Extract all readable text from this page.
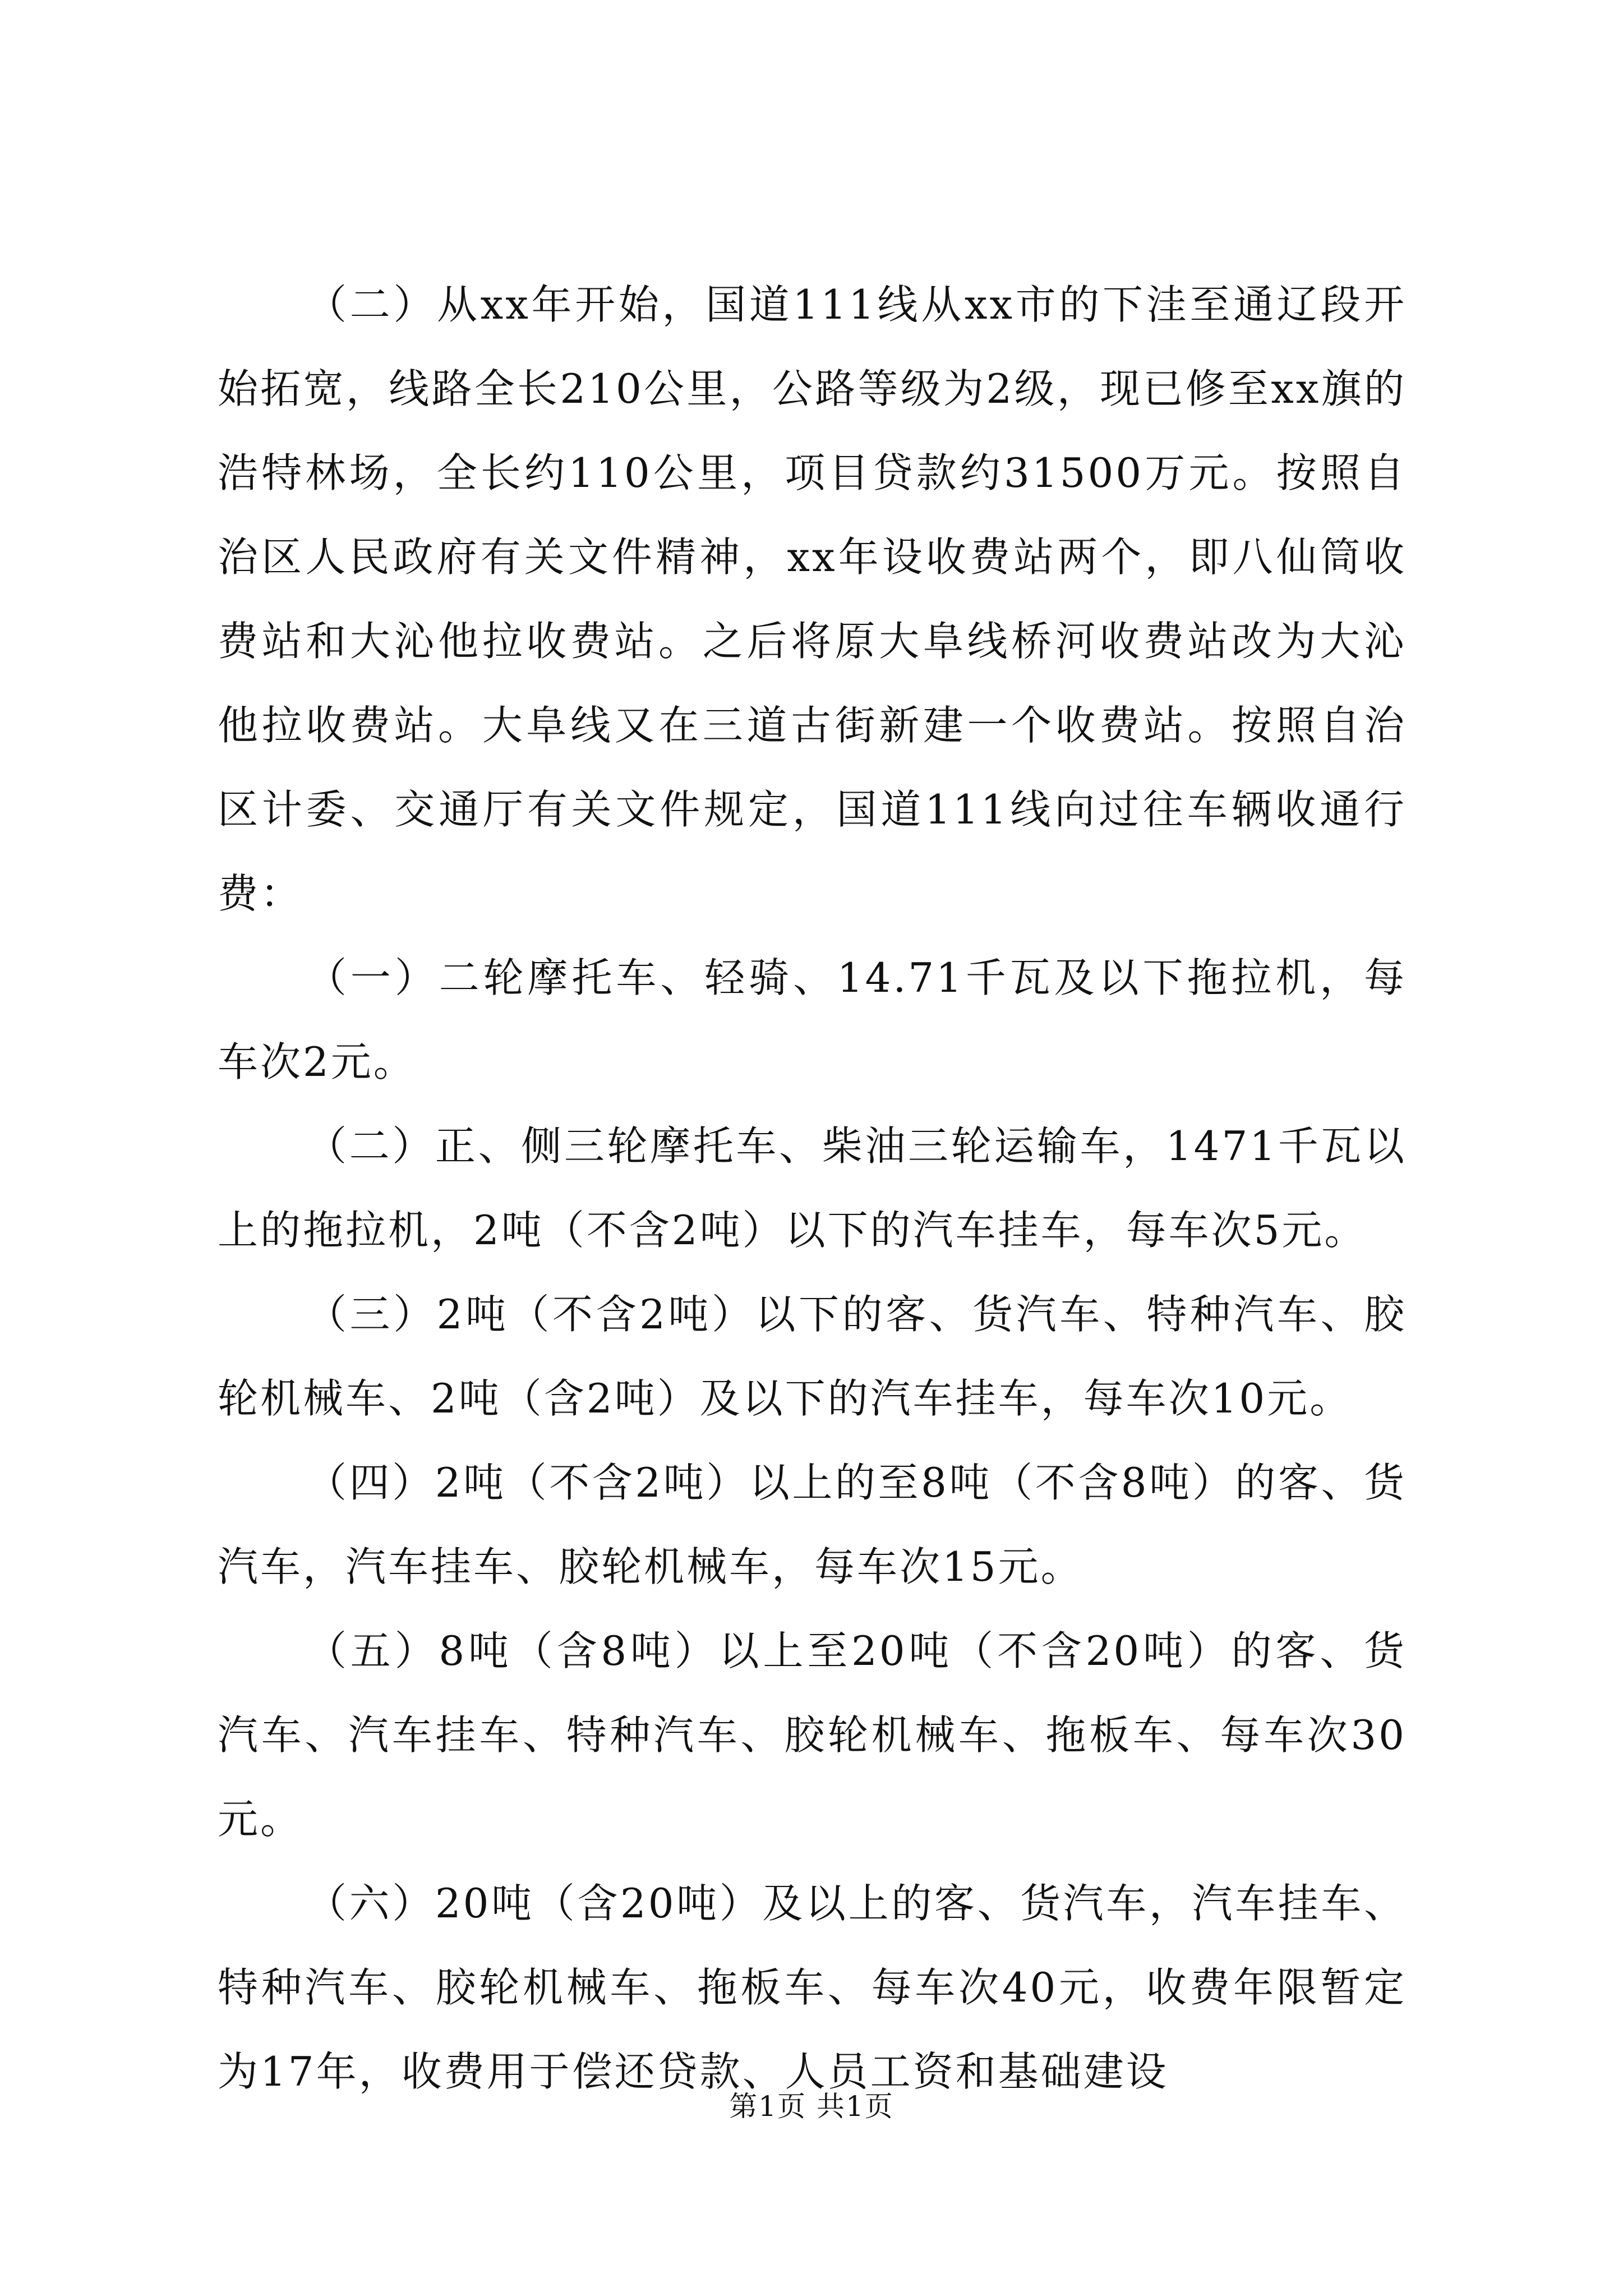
（二）从xx年开始，国道111线从xx市的下洼至通辽段开始拓宽，线路全长210公里，公路等级为2级，现已修至xx旗的浩特林场，全长约110公里，项目贷款约31500万元。按照自治区人民政府有关文件精神，xx年设收费站两个，即八仙筒收费站和大沁他拉收费站。之后将原大阜线桥河收费站改为大沁他拉收费站。大阜线又在三道古街新建一个收费站。按照自治区计委、交通厅有关文件规定，国道111线向过往车辆收通行费：

（一）二轮摩托车、轻骑、14.71千瓦及以下拖拉机，每车次2元。

（二）正、侧三轮摩托车、柴油三轮运输车，1471千瓦以上的拖拉机，2吨（不含2吨）以下的汽车挂车，每车次5元。

（三）2吨（不含2吨）以下的客、货汽车、特种汽车、胶轮机械车、2吨（含2吨）及以下的汽车挂车，每车次10元。

（四）2吨（不含2吨）以上的至8吨（不含8吨）的客、货汽车，汽车挂车、胶轮机械车，每车次15元。

（五）8吨（含8吨）以上至20吨（不含20吨）的客、货汽车、汽车挂车、特种汽车、胶轮机械车、拖板车、每车次30元。

（六）20吨（含20吨）及以上的客、货汽车，汽车挂车、特种汽车、胶轮机械车、拖板车、每车次40元，收费年限暂定为17年，收费用于偿还贷款、人员工资和基础建设

第1页 共1页
